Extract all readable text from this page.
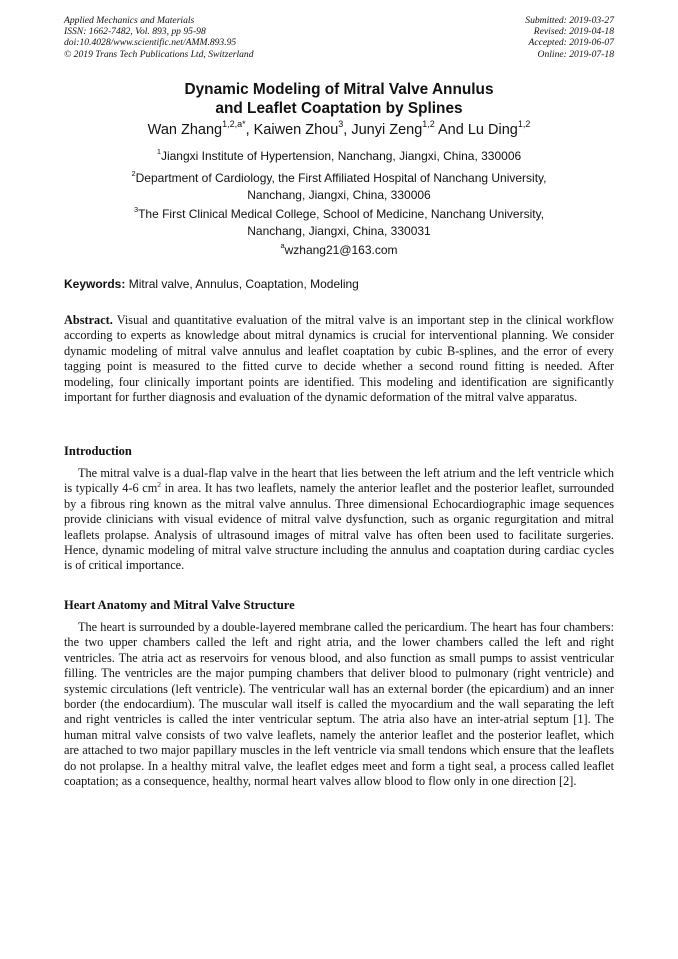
Applied Mechanics and Materials
ISSN: 1662-7482, Vol. 893, pp 95-98
doi:10.4028/www.scientific.net/AMM.893.95
© 2019 Trans Tech Publications Ltd, Switzerland
Submitted: 2019-03-27
Revised: 2019-04-18
Accepted: 2019-06-07
Online: 2019-07-18
Dynamic Modeling of Mitral Valve Annulus
and Leaflet Coaptation by Splines
Wan Zhang$^{1,2,a*}$, Kaiwen Zhou$^3$, Junyi Zeng$^{1,2}$ And Lu Ding$^{1,2}$
$^1$Jiangxi Institute of Hypertension, Nanchang, Jiangxi, China, 330006
$^2$Department of Cardiology, the First Affiliated Hospital of Nanchang University,
Nanchang, Jiangxi, China, 330006
$^3$The First Clinical Medical College, School of Medicine, Nanchang University,
Nanchang, Jiangxi, China, 330031
$^a$wzhang21@163.com
Keywords: Mitral valve, Annulus, Coaptation, Modeling
Abstract. Visual and quantitative evaluation of the mitral valve is an important step in the clinical workflow according to experts as knowledge about mitral dynamics is crucial for interventional planning. We consider dynamic modeling of mitral valve annulus and leaflet coaptation by cubic B-splines, and the error of every tagging point is measured to the fitted curve to decide whether a second round fitting is needed. After modeling, four clinically important points are identified. This modeling and identification are significantly important for further diagnosis and evaluation of the dynamic deformation of the mitral valve apparatus.
Introduction
The mitral valve is a dual-flap valve in the heart that lies between the left atrium and the left ventricle which is typically 4-6 $cm^2$ in area. It has two leaflets, namely the anterior leaflet and the posterior leaflet, surrounded by a fibrous ring known as the mitral valve annulus. Three dimensional Echocardiographic image sequences provide clinicians with visual evidence of mitral valve dysfunction, such as organic regurgitation and mitral leaflets prolapse. Analysis of ultrasound images of mitral valve has often been used to facilitate surgeries. Hence, dynamic modeling of mitral valve structure including the annulus and coaptation during cardiac cycles is of critical importance.
Heart Anatomy and Mitral Valve Structure
The heart is surrounded by a double-layered membrane called the pericardium. The heart has four chambers: the two upper chambers called the left and right atria, and the lower chambers called the left and right ventricles. The atria act as reservoirs for venous blood, and also function as small pumps to assist ventricular filling. The ventricles are the major pumping chambers that deliver blood to pulmonary (right ventricle) and systemic circulations (left ventricle). The ventricular wall has an external border (the epicardium) and an inner border (the endocardium). The muscular wall itself is called the myocardium and the wall separating the left and right ventricles is called the inter ventricular septum. The atria also have an inter-atrial septum [1]. The human mitral valve consists of two valve leaflets, namely the anterior leaflet and the posterior leaflet, which are attached to two major papillary muscles in the left ventricle via small tendons which ensure that the leaflets do not prolapse. In a healthy mitral valve, the leaflet edges meet and form a tight seal, a process called leaflet coaptation; as a consequence, healthy, normal heart valves allow blood to flow only in one direction [2].
